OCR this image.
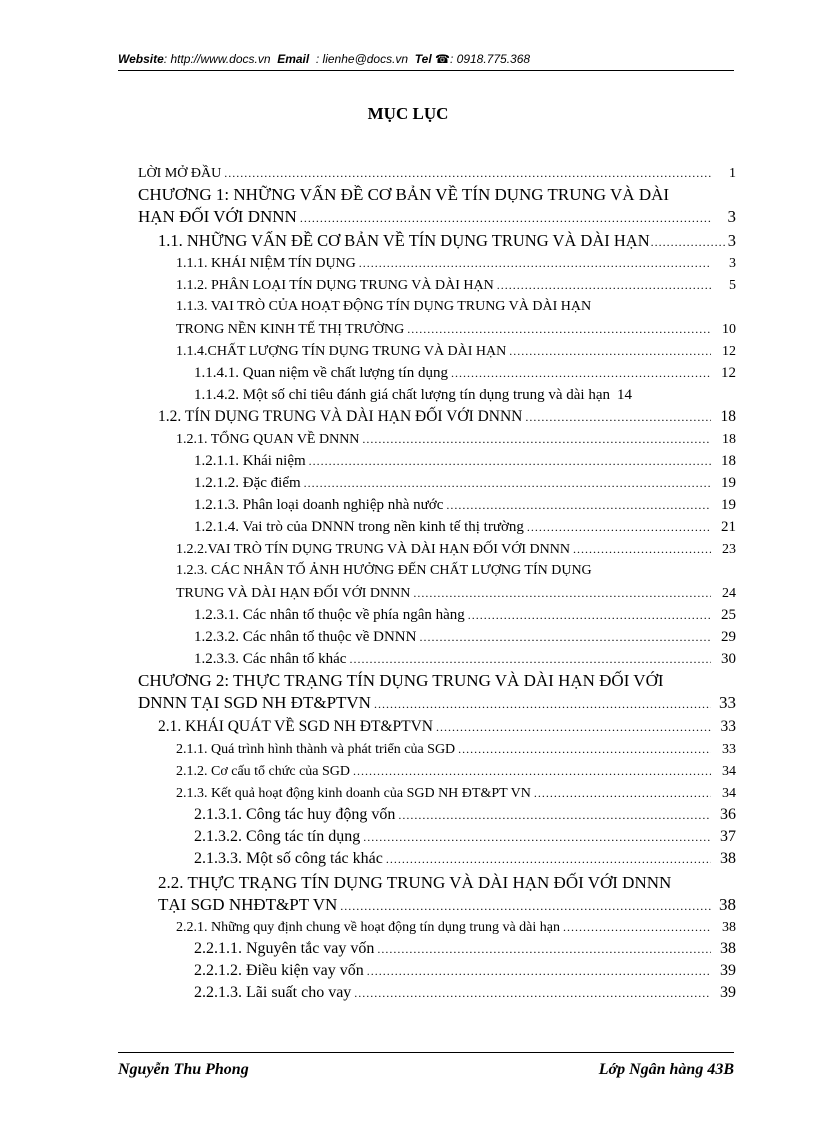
Website: http://www.docs.vn Email : lienhe@docs.vn Tel ☎: 0918.775.368
MỤC LỤC
LỜI MỞ ĐẦU .....	1
CHƯƠNG 1: NHỮNG VẤN ĐỀ CƠ BẢN VỀ TÍN DỤNG TRUNG VÀ DÀI
HẠN ĐỐI VỚI DNNN .....	3
1.1. NHỮNG VẤN ĐỀ CƠ BẢN VỀ TÍN DỤNG TRUNG VÀ DÀI HẠN .....	3
1.1.1. KHÁI NIỆM TÍN DỤNG .....	3
1.1.2. PHÂN LOẠI TÍN DỤNG TRUNG VÀ DÀI HẠN .....	5
1.1.3. VAI TRÒ CỦA HOẠT ĐỘNG TÍN DỤNG TRUNG VÀ DÀI HẠN
TRONG NỀN KINH TẾ THỊ TRƯỜNG .....	10
1.1.4.CHẤT LƯỢNG TÍN DỤNG TRUNG VÀ DÀI HẠN .....	12
1.1.4.1. Quan niệm về chất lượng tín dụng .....	12
1.1.4.2. Một số chỉ tiêu đánh giá chất lượng tín dụng trung và dài hạn 14
1.2. TÍN DỤNG TRUNG VÀ DÀI HẠN ĐỐI VỚI DNNN .....	18
1.2.1. TỔNG QUAN VỀ DNNN .....	18
1.2.1.1. Khái niệm .....	18
1.2.1.2. Đặc điểm .....	19
1.2.1.3. Phân loại doanh nghiệp nhà nước .....	19
1.2.1.4. Vai trò của DNNN trong nền kinh tế thị trường .....	21
1.2.2.VAI TRÒ TÍN DỤNG TRUNG VÀ DÀI HẠN ĐỐI VỚI DNNN .....	23
1.2.3. CÁC NHÂN TỐ ẢNH HƯỞNG ĐẾN CHẤT LƯỢNG TÍN DỤNG
TRUNG VÀ DÀI HẠN ĐỐI VỚI DNNN .....	24
1.2.3.1. Các nhân tố thuộc về phía ngân hàng .....	25
1.2.3.2. Các nhân tố thuộc về DNNN .....	29
1.2.3.3. Các nhân tố khác .....	30
CHƯƠNG 2: THỰC TRẠNG TÍN DỤNG TRUNG VÀ DÀI HẠN ĐỐI VỚI
DNNN TẠI SGD NH ĐT&PTVN .....	33
2.1. KHÁI QUÁT VỀ SGD NH ĐT&PTVN .....	33
2.1.1. Quá trình hình thành và phát triển của SGD .....	33
2.1.2. Cơ cấu tổ chức của SGD .....	34
2.1.3. Kết quả hoạt động kinh doanh của SGD NH ĐT&PT VN .....	34
2.1.3.1. Công tác huy động vốn .....	36
2.1.3.2. Công tác tín dụng .....	37
2.1.3.3. Một số công tác khác .....	38
2.2. THỰC TRẠNG TÍN DỤNG TRUNG VÀ DÀI HẠN ĐỐI VỚI DNNN
TẠI SGD NHĐT&PT VN .....	38
2.2.1. Những quy định chung về hoạt động tín dụng trung và dài hạn .....	38
2.2.1.1. Nguyên tắc vay vốn .....	38
2.2.1.2. Điều kiện vay vốn .....	39
2.2.1.3. Lãi suất cho vay .....	39
Nguyễn Thu Phong	Lớp Ngân hàng 43B
